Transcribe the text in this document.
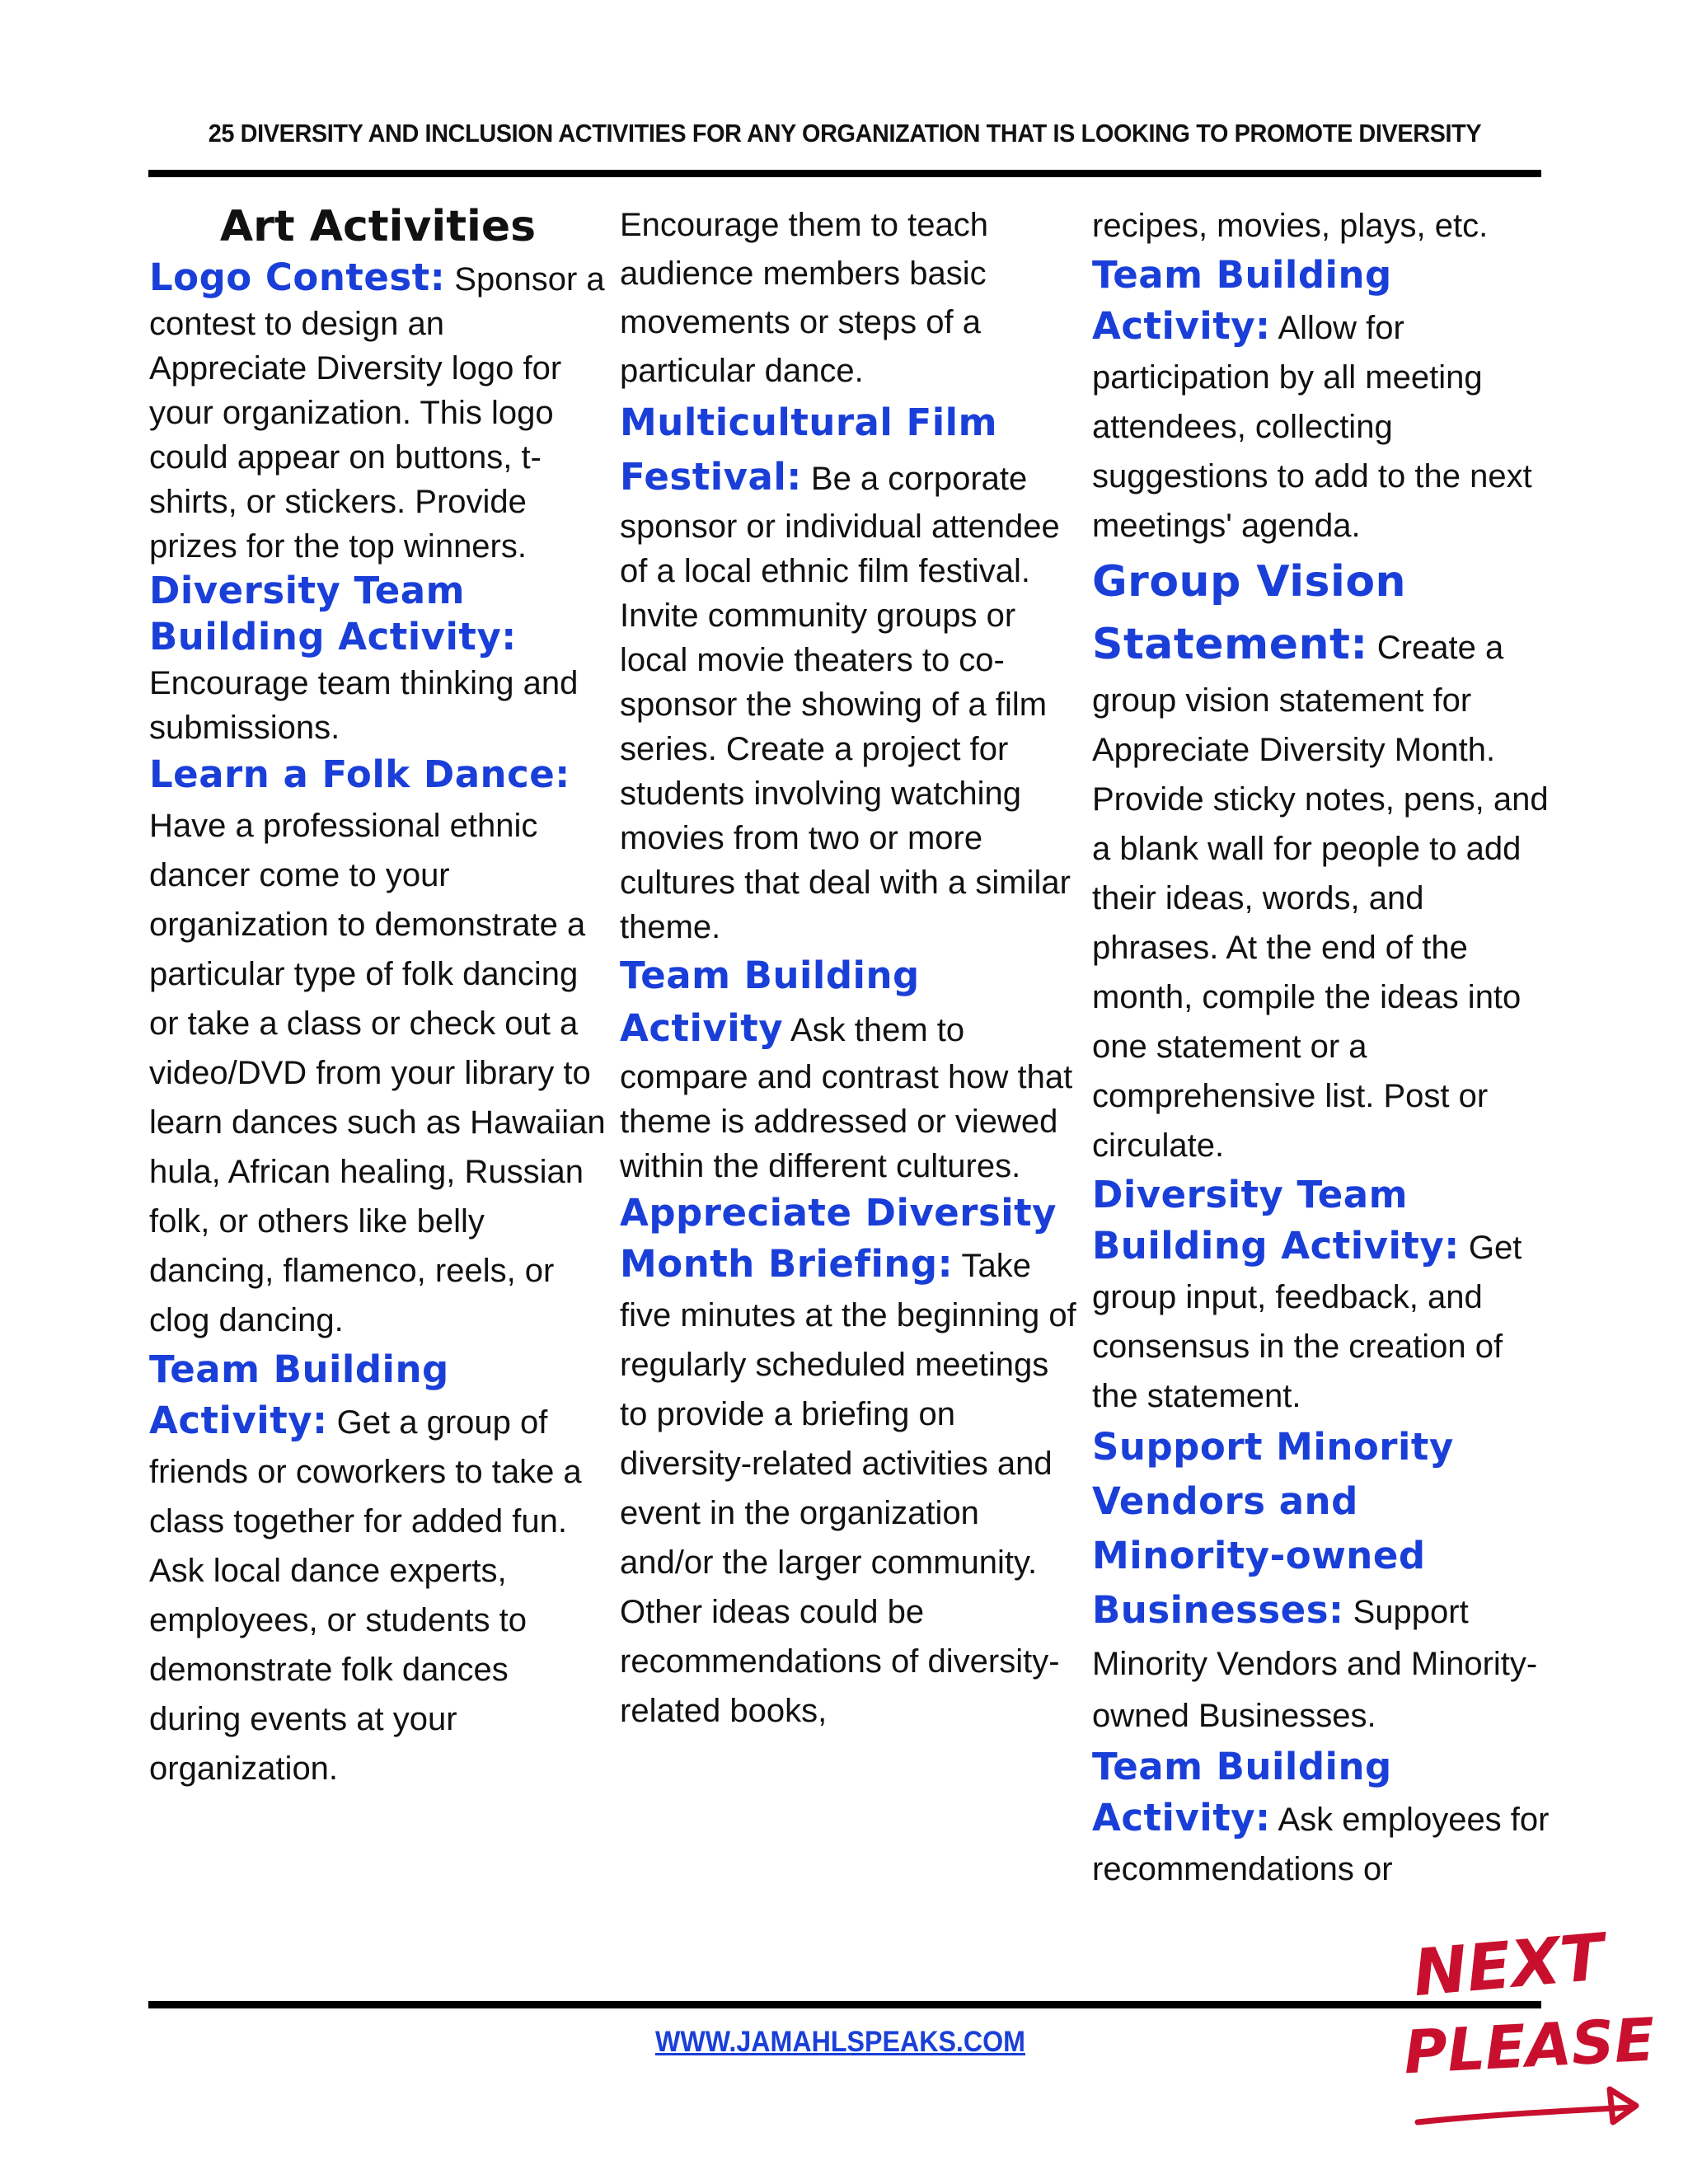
25 DIVERSITY AND INCLUSION ACTIVITIES FOR ANY ORGANIZATION THAT IS LOOKING TO PROMOTE DIVERSITY
Art Activities

Logo Contest: Sponsor a contest to design an Appreciate Diversity logo for your organization. This logo could appear on buttons, t-shirts, or stickers. Provide prizes for the top winners.

Diversity Team Building Activity: Encourage team thinking and submissions.

Learn a Folk Dance: Have a professional ethnic dancer come to your organization to demonstrate a particular type of folk dancing or take a class or check out a video/DVD from your library to learn dances such as Hawaiian hula, African healing, Russian folk, or others like belly dancing, flamenco, reels, or clog dancing.

Team Building Activity: Get a group of friends or coworkers to take a class together for added fun. Ask local dance experts, employees, or students to demonstrate folk dances during events at your organization.

Encourage them to teach audience members basic movements or steps of a particular dance.

Multicultural Film Festival: Be a corporate sponsor or individual attendee of a local ethnic film festival. Invite community groups or local movie theaters to co-sponsor the showing of a film series. Create a project for students involving watching movies from two or more cultures that deal with a similar theme.

Team Building Activity Ask them to compare and contrast how that theme is addressed or viewed within the different cultures.

Appreciate Diversity Month Briefing: Take five minutes at the beginning of regularly scheduled meetings to provide a briefing on diversity-related activities and event in the organization and/or the larger community. Other ideas could be recommendations of diversity- related books,

recipes, movies, plays, etc.

Team Building Activity: Allow for participation by all meeting attendees, collecting suggestions to add to the next meetings' agenda.

Group Vision Statement: Create a group vision statement for Appreciate Diversity Month. Provide sticky notes, pens, and a blank wall for people to add their ideas, words, and phrases. At the end of the month, compile the ideas into one statement or a comprehensive list. Post or circulate.

Diversity Team Building Activity: Get group input, feedback, and consensus in the creation of the statement.

Support Minority Vendors and Minority-owned Businesses: Support Minority Vendors and Minority-owned Businesses.

Team Building Activity: Ask employees for recommendations or

WWW.JAMAHLSPEAKS.COM
NEXT
PLEASE
